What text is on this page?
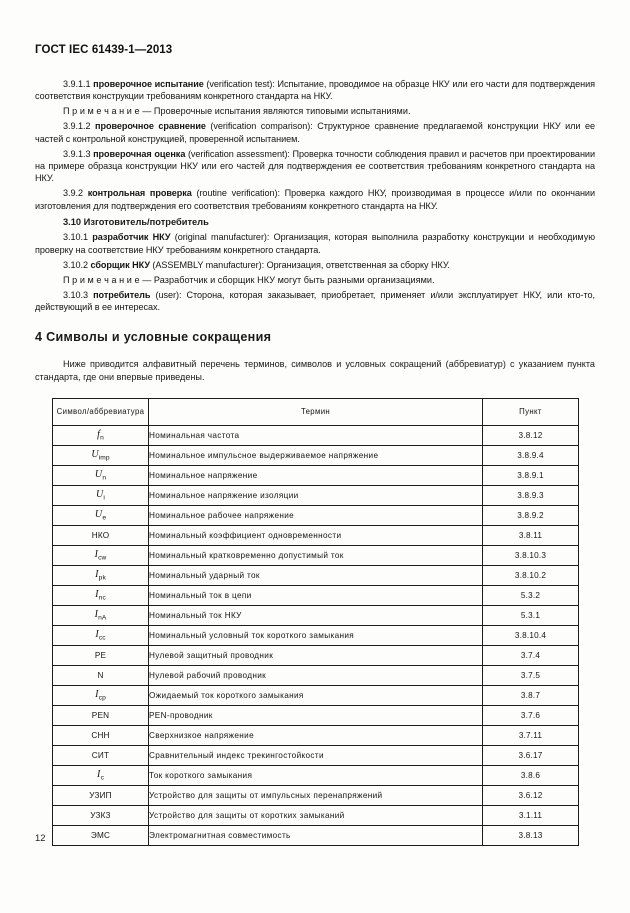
ГОСТ IEC 61439-1—2013

3.9.1.1 проверочное испытание (verification test): Испытание, проводимое на образце НКУ или его части для подтверждения соответствия конструкции требованиям конкретного стандарта на НКУ.

П р и м е ч а н и е — Проверочные испытания являются типовыми испытаниями.

3.9.1.2 проверочное сравнение (verification comparison): Структурное сравнение предлагаемой конструкции НКУ или ее частей с контрольной конструкцией, проверенной испытанием.

3.9.1.3 проверочная оценка (verification assessment): Проверка точности соблюдения правил и расчетов при проектировании на примере образца конструкции НКУ или его частей для подтверждения ее соответствия требованиям конкретного стандарта на НКУ.

3.9.2 контрольная проверка (routine verification): Проверка каждого НКУ, производимая в процессе и/или по окончании изготовления для подтверждения его соответствия требованиям конкретного стандарта на НКУ.

3.10 Изготовитель/потребитель

3.10.1 разработчик НКУ (original manufacturer): Организация, которая выполнила разработку конструкции и необходимую проверку на соответствие НКУ требованиям конкретного стандарта.

3.10.2 сборщик НКУ (ASSEMBLY manufacturer): Организация, ответственная за сборку НКУ.

П р и м е ч а н и е — Разработчик и сборщик НКУ могут быть разными организациями.

3.10.3 потребитель (user): Сторона, которая заказывает, приобретает, применяет и/или эксплуатирует НКУ, или кто-то, действующий в ее интересах.

4 Символы и условные сокращения

Ниже приводится алфавитный перечень терминов, символов и условных сокращений (аббревиатур) с указанием пункта стандарта, где они впервые приведены.

Символ/аббревиатура	Термин	Пункт
$f_n$	Номинальная частота	3.8.12
$U_{imp}$	Номинальное импульсное выдерживаемое напряжение	3.8.9.4
$U_n$	Номинальное напряжение	3.8.9.1
$U_i$	Номинальное напряжение изоляции	3.8.9.3
$U_e$	Номинальное рабочее напряжение	3.8.9.2
НКО	Номинальный коэффициент одновременности	3.8.11
$I_{cw}$	Номинальный кратковременно допустимый ток	3.8.10.3
$I_{pk}$	Номинальный ударный ток	3.8.10.2
$I_{nc}$	Номинальный ток в цепи	5.3.2
$I_{nA}$	Номинальный ток НКУ	5.3.1
$I_{cc}$	Номинальный условный ток короткого замыкания	3.8.10.4
PE	Нулевой защитный проводник	3.7.4
N	Нулевой рабочий проводник	3.7.5
$I_{cp}$	Ожидаемый ток короткого замыкания	3.8.7
PEN	PEN-проводник	3.7.6
СНН	Сверхнизкое напряжение	3.7.11
СИТ	Сравнительный индекс трекингостойкости	3.6.17
$I_c$	Ток короткого замыкания	3.8.6
УЗИП	Устройство для защиты от импульсных перенапряжений	3.6.12
УЗКЗ	Устройство для защиты от коротких замыканий	3.1.11
ЭМС	Электромагнитная совместимость	3.8.13
12
